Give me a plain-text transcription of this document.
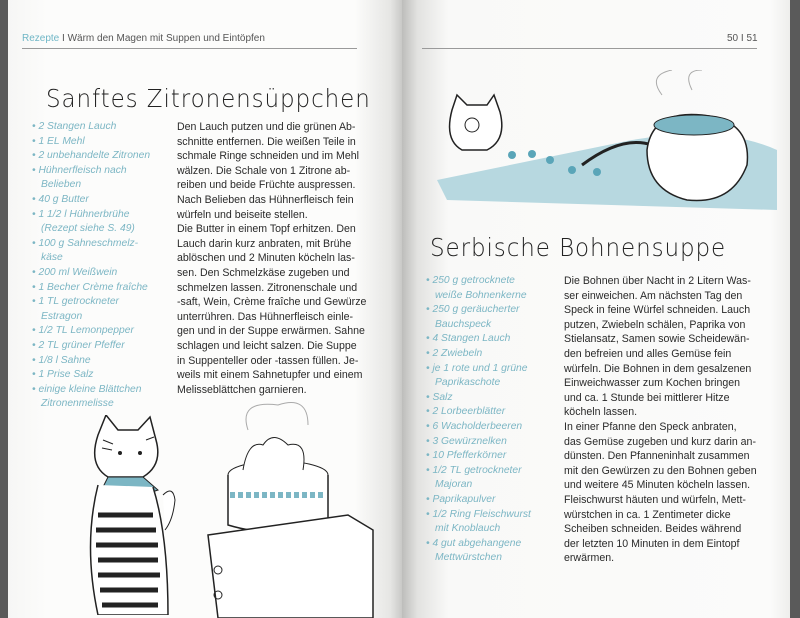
Rezepte I Wärm den Magen mit Suppen und Eintöpfen
Sanftes Zitronensüppchen
• 2 Stangen Lauch
• 1 EL Mehl
• 2 unbehandelte Zitronen
• Hühnerfleisch nach
Belieben
• 40 g Butter
• 1 1/2 l Hühnerbrühe
(Rezept siehe S. 49)
• 100 g Sahneschmelz-
käse
• 200 ml Weißwein
• 1 Becher Crème fraîche
• 1 TL getrockneter
Estragon
• 1/2 TL Lemonpepper
• 2 TL grüner Pfeffer
• 1/8 l Sahne
• 1 Prise Salz
• einige kleine Blättchen
Zitronenmelisse
Den Lauch putzen und die grünen Ab-
schnitte entfernen. Die weißen Teile in
schmale Ringe schneiden und im Mehl
wälzen. Die Schale von 1 Zitrone ab-
reiben und beide Früchte auspressen.
Nach Belieben das Hühnerfleisch fein
würfeln und beiseite stellen.
Die Butter in einem Topf erhitzen. Den
Lauch darin kurz anbraten, mit Brühe
ablöschen und 2 Minuten köcheln las-
sen. Den Schmelzkäse zugeben und
schmelzen lassen. Zitronenschale und
-saft, Wein, Crème fraîche und Gewürze
unterrühren. Das Hühnerfleisch einle-
gen und in der Suppe erwärmen. Sahne
schlagen und leicht salzen. Die Suppe
in Suppenteller oder -tassen füllen. Je-
weils mit einem Sahnetupfer und einem
Melisseblättchen garnieren.
50 I 51
Serbische Bohnensuppe
• 250 g getrocknete
weiße Bohnenkerne
• 250 g geräucherter
Bauchspeck
• 4 Stangen Lauch
• 2 Zwiebeln
• je 1 rote und 1 grüne
Paprikaschote
• Salz
• 2 Lorbeerblätter
• 6 Wacholderbeeren
• 3 Gewürznelken
• 10 Pfefferkörner
• 1/2 TL getrockneter
Majoran
• Paprikapulver
• 1/2 Ring Fleischwurst
mit Knoblauch
• 4 gut abgehangene
Mettwürstchen
Die Bohnen über Nacht in 2 Litern Was-
ser einweichen. Am nächsten Tag den
Speck in feine Würfel schneiden. Lauch
putzen, Zwiebeln schälen, Paprika von
Stielansatz, Samen sowie Scheidewän-
den befreien und alles Gemüse fein
würfeln. Die Bohnen in dem gesalzenen
Einweichwasser zum Kochen bringen
und ca. 1 Stunde bei mittlerer Hitze
köcheln lassen.
In einer Pfanne den Speck anbraten,
das Gemüse zugeben und kurz darin an-
dünsten. Den Pfanneninhalt zusammen
mit den Gewürzen zu den Bohnen geben
und weitere 45 Minuten köcheln lassen.
Fleischwurst häuten und würfeln, Mett-
würstchen in ca. 1 Zentimeter dicke
Scheiben schneiden. Beides während
der letzten 10 Minuten in dem Eintopf
erwärmen.
